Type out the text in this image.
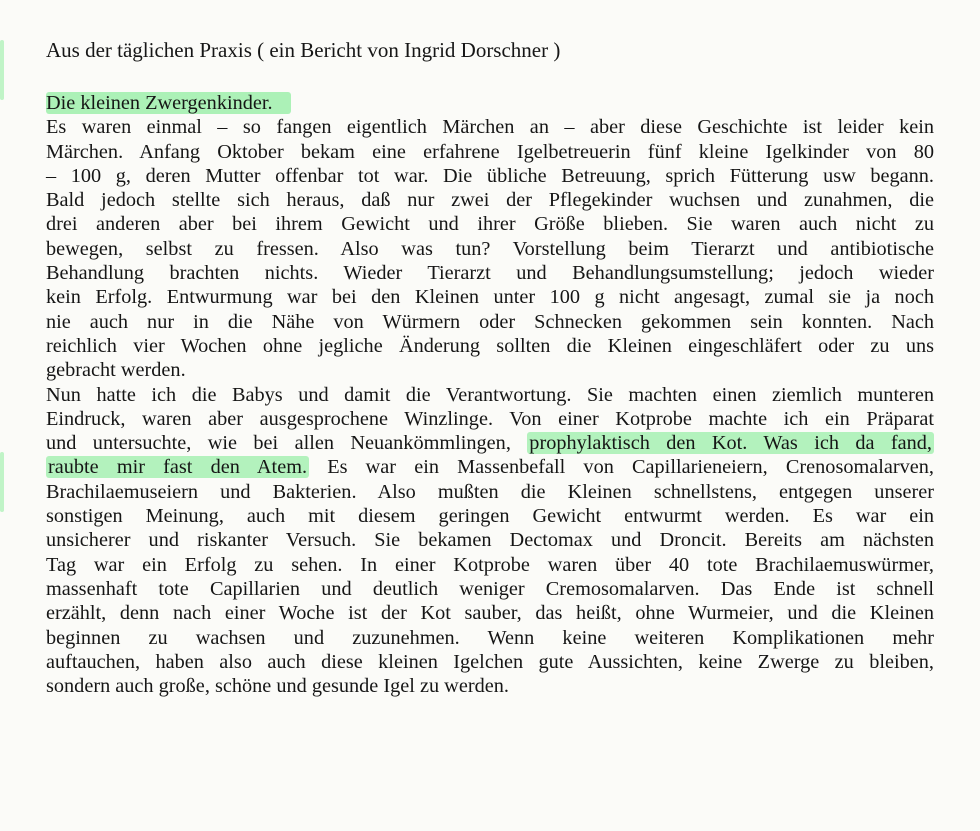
Aus der täglichen Praxis ( ein Bericht von Ingrid Dorschner )
Die kleinen Zwergenkinder.
Es waren einmal – so fangen eigentlich Märchen an – aber diese Geschichte ist leider kein
Märchen. Anfang Oktober bekam eine erfahrene Igelbetreuerin fünf kleine Igelkinder von 80
– 100 g, deren Mutter offenbar tot war. Die übliche Betreuung, sprich Fütterung usw begann.
Bald jedoch stellte sich heraus, daß nur zwei der Pflegekinder wuchsen und zunahmen, die
drei anderen aber bei ihrem Gewicht und ihrer Größe blieben. Sie waren auch nicht zu
bewegen, selbst zu fressen. Also was tun? Vorstellung beim Tierarzt und antibiotische
Behandlung brachten nichts. Wieder Tierarzt und Behandlungsumstellung; jedoch wieder
kein Erfolg. Entwurmung war bei den Kleinen unter 100 g nicht angesagt, zumal sie ja noch
nie auch nur in die Nähe von Würmern oder Schnecken gekommen sein konnten. Nach
reichlich vier Wochen ohne jegliche Änderung sollten die Kleinen eingeschläfert oder zu uns
gebracht werden.
Nun hatte ich die Babys und damit die Verantwortung. Sie machten einen ziemlich munteren
Eindruck, waren aber ausgesprochene Winzlinge. Von einer Kotprobe machte ich ein Präparat
und untersuchte, wie bei allen Neuankömmlingen, prophylaktisch den Kot. Was ich da fand,
raubte mir fast den Atem. Es war ein Massenbefall von Capillarieneiern, Crenosomalarven,
Brachilaemuseiern und Bakterien. Also mußten die Kleinen schnellstens, entgegen unserer
sonstigen Meinung, auch mit diesem geringen Gewicht entwurmt werden. Es war ein
unsicherer und riskanter Versuch. Sie bekamen Dectomax und Droncit. Bereits am nächsten
Tag war ein Erfolg zu sehen. In einer Kotprobe waren über 40 tote Brachilaemuswürmer,
massenhaft tote Capillarien und deutlich weniger Cremosomalarven. Das Ende ist schnell
erzählt, denn nach einer Woche ist der Kot sauber, das heißt, ohne Wurmeier, und die Kleinen
beginnen zu wachsen und zuzunehmen. Wenn keine weiteren Komplikationen mehr
auftauchen, haben also auch diese kleinen Igelchen gute Aussichten, keine Zwerge zu bleiben,
sondern auch große, schöne und gesunde Igel zu werden.
